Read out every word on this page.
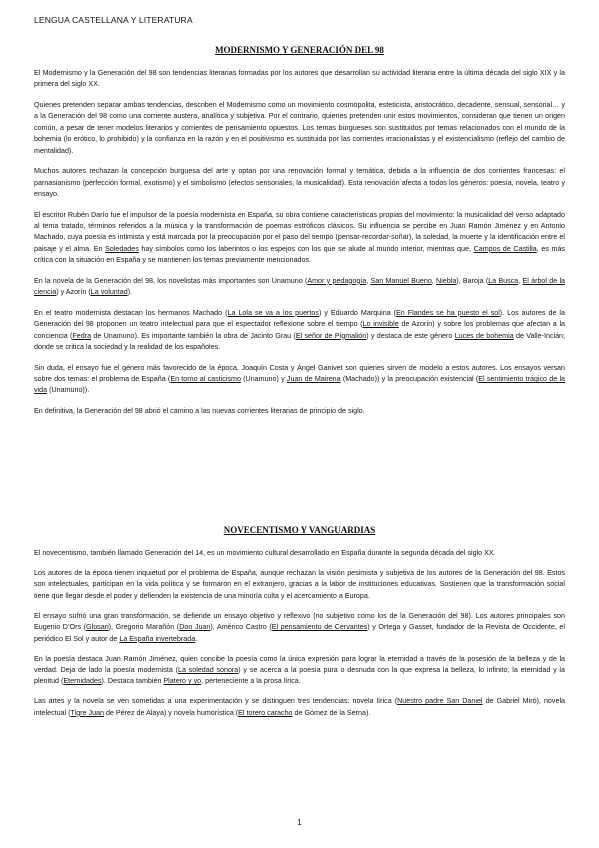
LENGUA CASTELLANA Y LITERATURA
MODERNISMO Y GENERACIÓN DEL 98

El Modernismo y la Generación del 98 son tendencias literarias formadas por los autores que desarrollan su actividad literaria entre la última década del siglo XIX y la primera del siglo XX.

Quienes pretenden separar ambas tendencias, describen el Modernismo como un movimiento cosmopolita, esteticista, aristocrático, decadente, sensual, sensorial… y a la Generación del 98 como una corriente austera, analítica y subjetiva. Por el contrario, quienes pretenden unir estos movimientos, consideran que tienen un origen común, a pesar de tener modelos literarios y corrientes de pensamiento opuestos. Los temas burgueses son sustituidos por temas relacionados con el mundo de la bohemia (lo erótico, lo prohibido) y la confianza en la razón y en el positivismo es sustituida por las corrientes irracionalistas y el existencialismo (reflejo del cambio de mentalidad).

Muchos autores rechazan la concepción burguesa del arte y optan por una renovación formal y temática, debida a la influencia de dos corrientes francesas: el parnasianismo (perfección formal, exotismo) y el simbolismo (efectos sensoriales, la musicalidad). Esta renovación afecta a todos los géneros: poesía, novela, teatro y ensayo.

El escritor Rubén Darío fue el impulsor de la poesía modernista en España, su obra contiene características propias del movimiento: la musicalidad del verso adaptado al tema tratado, términos referidos a la música y la transformación de poemas estróficos clásicos. Su influencia se percibe en Juan Ramón Jiménez y en Antonio Machado, cuya poesía es intimista y está marcada por la preocupación por el paso del tiempo (pensar-recordar-soñar), la soledad, la muerte y la identificación entre el paisaje y el alma. En Soledades hay símbolos como los laberintos o los espejos con los que se alude al mundo interior, mientras que, Campos de Castilla, es más crítica con la situación en España y se mantienen los temas previamente mencionados.

En la novela de la Generación del 98, los novelistas más importantes son Unamuno (Amor y pedagogía, San Manuel Bueno, Niebla), Baroja (La Busca, El árbol de la ciencia) y Azorín (La voluntad).

En el teatro modernista destacan los hermanos Machado (La Lola se va a los puertos) y Eduardo Marquina (En Flandes se ha puesto el sol). Los autores de la Generación del 98 proponen un teatro intelectual para que el espectador reflexione sobre el tiempo (Lo invisible de Azorín) y sobre los problemas que afectan a la conciencia (Fedra de Unamuno). Es importante también la obra de Jacinto Grau (El señor de Pigmalión) y destaca de este género Luces de bohemia de Valle-Inclán; donde se critica la sociedad y la realidad de los españoles.

Sin duda, el ensayo fue el género más favorecido de la época, Joaquín Costa y Ángel Ganivet son quienes sirven de modelo a estos autores. Los ensayos versan sobre dos temas: el problema de España (En torno al casticismo (Unamuno) y Juan de Mairena (Machado)) y la preocupación existencial (El sentimiento trágico de la vida (Unamuno)).

En definitiva, la Generación del 98 abrió el camino a las nuevas corrientes literarias de principio de siglo.

NOVECENTISMO Y VANGUARDIAS

El novecentismo, también llamado Generación del 14, es un movimiento cultural desarrollado en España durante la segunda década del siglo XX.

Los autores de la época tienen inquietud por el problema de España, aunque rechazan la visión pesimista y subjetiva de los autores de la Generación del 98. Estos son intelectuales, participan en la vida política y se formaron en el extranjero, gracias a la labor de instituciones educativas. Sostienen que la transformación social tiene que llegar desde el poder y defienden la existencia de una minoría culta y el acercamiento a Europa.

El ensayo sufrió una gran transformación, se defiende un ensayo objetivo y reflexivo (no subjetivo como los de la Generación del 98). Los autores principales son Eugenio D’Ors (Glosari), Gregorio Marañón (Don Juan), Américo Castro (El pensamiento de Cervantes) y Ortega y Gasset, fundador de la Revista de Occidente, el periódico El Sol y autor de La España invertebrada.

En la poesía destaca Juan Ramón Jiménez, quien concibe la poesía como la única expresión para lograr la eternidad a través de la posesión de la belleza y de la verdad. Deja de lado la poesía modernista (La soledad sonora) y se acerca a la poesía pura o desnuda con la que expresa la belleza, lo infinito, la eternidad y la plenitud (Eternidades). Destaca también Platero y yo, perteneciente a la prosa lírica.

Las artes y la novela se ven sometidas a una experimentación y se distinguen tres tendencias: novela lírica (Nuestro padre San Daniel de Gabriel Miró), novela intelectual (Tigre Juan de Pérez de Alaya) y novela humorística (El torero caracho de Gómez de la Serna).

1
